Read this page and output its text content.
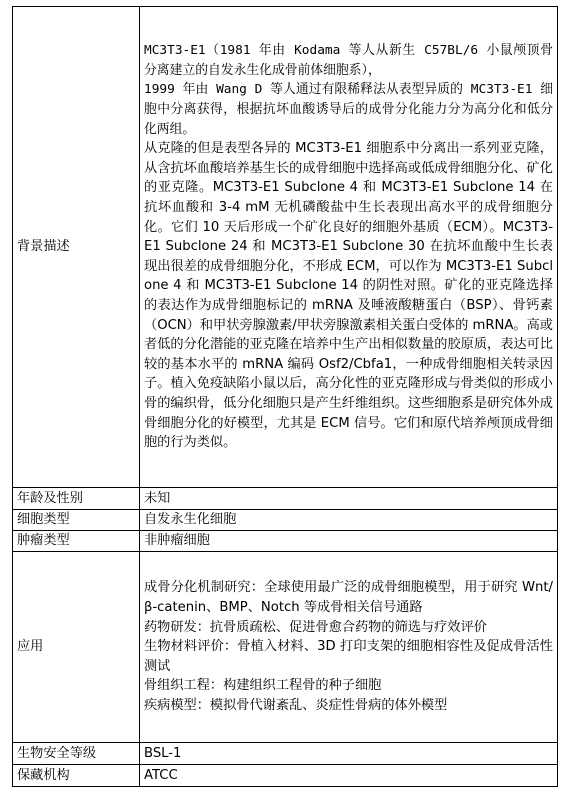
背景描述	MC3T3-E1（1981 年由 Kodama 等人从新生 C57BL/6 小鼠颅顶骨分离建立的自发永生化成骨前体细胞系），
1999 年由 Wang D 等人通过有限稀释法从表型异质的 MC3T3-E1 细胞中分离获得，根据抗坏血酸诱导后的成骨分化能力分为高分化和低分化两组。
从克隆的但是表型各异的 MC3T3-E1 细胞系中分离出一系列亚克隆，从含抗坏血酸培养基生长的成骨细胞中选择高或低成骨细胞分化、矿化的亚克隆。MC3T3-E1 Subclone 4 和 MC3T3-E1 Subclone 14 在抗坏血酸和 3-4 mM 无机磷酸盐中生长表现出高水平的成骨细胞分化。它们 10 天后形成一个矿化良好的细胞外基质（ECM）。MC3T3-E1 Subclone 24 和 MC3T3-E1 Subclone 30 在抗坏血酸中生长表现出很差的成骨细胞分化，不形成 ECM，可以作为 MC3T3-E1 Subclone 4 和 MC3T3-E1 Subclone 14 的阴性对照。矿化的亚克隆选择的表达作为成骨细胞标记的 mRNA 及唾液酸糖蛋白（BSP）、骨钙素（OCN）和甲状旁腺激素/甲状旁腺激素相关蛋白受体的 mRNA。高或者低的分化潜能的亚克隆在培养中生产出相似数量的胶原质，表达可比较的基本水平的 mRNA 编码 Osf2/Cbfa1，一种成骨细胞相关转录因子。植入免疫缺陷小鼠以后，高分化性的亚克隆形成与骨类似的形成小骨的编织骨，低分化细胞只是产生纤维组织。这些细胞系是研究体外成骨细胞分化的好模型，尤其是 ECM 信号。它们和原代培养颅顶成骨细胞的行为类似。

年龄及性别	未知
细胞类型	自发永生化细胞
肿瘤类型	非肿瘤细胞
应用	成骨分化机制研究：全球使用最广泛的成骨细胞模型，用于研究 Wnt/β-catenin、BMP、Notch 等成骨相关信号通路
药物研发：抗骨质疏松、促进骨愈合药物的筛选与疗效评价
生物材料评价：骨植入材料、3D 打印支架的细胞相容性及促成骨活性测试
骨组织工程：构建组织工程骨的种子细胞
疾病模型：模拟骨代谢紊乱、炎症性骨病的体外模型

生物安全等级	BSL-1
保藏机构	ATCC
